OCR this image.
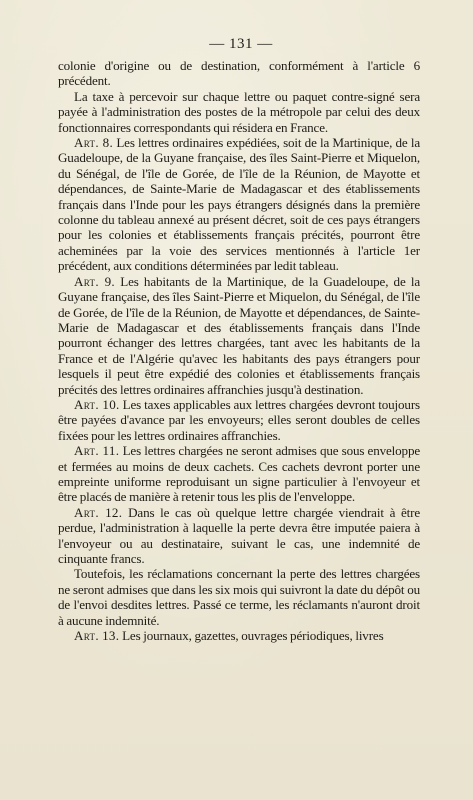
— 131 —

colonie d'origine ou de destination, conformément à l'article 6 précédent.

La taxe à percevoir sur chaque lettre ou paquet contre-signé sera payée à l'administration des postes de la métropole par celui des deux fonctionnaires correspondants qui résidera en France.

Art. 8. Les lettres ordinaires expédiées, soit de la Martinique, de la Guadeloupe, de la Guyane française, des îles Saint-Pierre et Miquelon, du Sénégal, de l'île de Gorée, de l'île de la Réunion, de Mayotte et dépendances, de Sainte-Marie de Madagascar et des établissements français dans l'Inde pour les pays étrangers désignés dans la première colonne du tableau annexé au présent décret, soit de ces pays étrangers pour les colonies et établissements français précités, pourront être acheminées par la voie des services mentionnés à l'article 1er précédent, aux conditions déterminées par ledit tableau.

Art. 9. Les habitants de la Martinique, de la Guadeloupe, de la Guyane française, des îles Saint-Pierre et Miquelon, du Sénégal, de l'île de Gorée, de l'île de la Réunion, de Mayotte et dépendances, de Sainte-Marie de Madagascar et des établissements français dans l'Inde pourront échanger des lettres chargées, tant avec les habitants de la France et de l'Algérie qu'avec les habitants des pays étrangers pour lesquels il peut être expédié des colonies et établissements français précités des lettres ordinaires affranchies jusqu'à destination.

Art. 10. Les taxes applicables aux lettres chargées devront toujours être payées d'avance par les envoyeurs; elles seront doubles de celles fixées pour les lettres ordinaires affranchies.

Art. 11. Les lettres chargées ne seront admises que sous enveloppe et fermées au moins de deux cachets. Ces cachets devront porter une empreinte uniforme reproduisant un signe particulier à l'envoyeur et être placés de manière à retenir tous les plis de l'enveloppe.

Art. 12. Dans le cas où quelque lettre chargée viendrait à être perdue, l'administration à laquelle la perte devra être imputée paiera à l'envoyeur ou au destinataire, suivant le cas, une indemnité de cinquante francs.

Toutefois, les réclamations concernant la perte des lettres chargées ne seront admises que dans les six mois qui suivront la date du dépôt ou de l'envoi desdites lettres. Passé ce terme, les réclamants n'auront droit à aucune indemnité.

Art. 13. Les journaux, gazettes, ouvrages périodiques, livres
